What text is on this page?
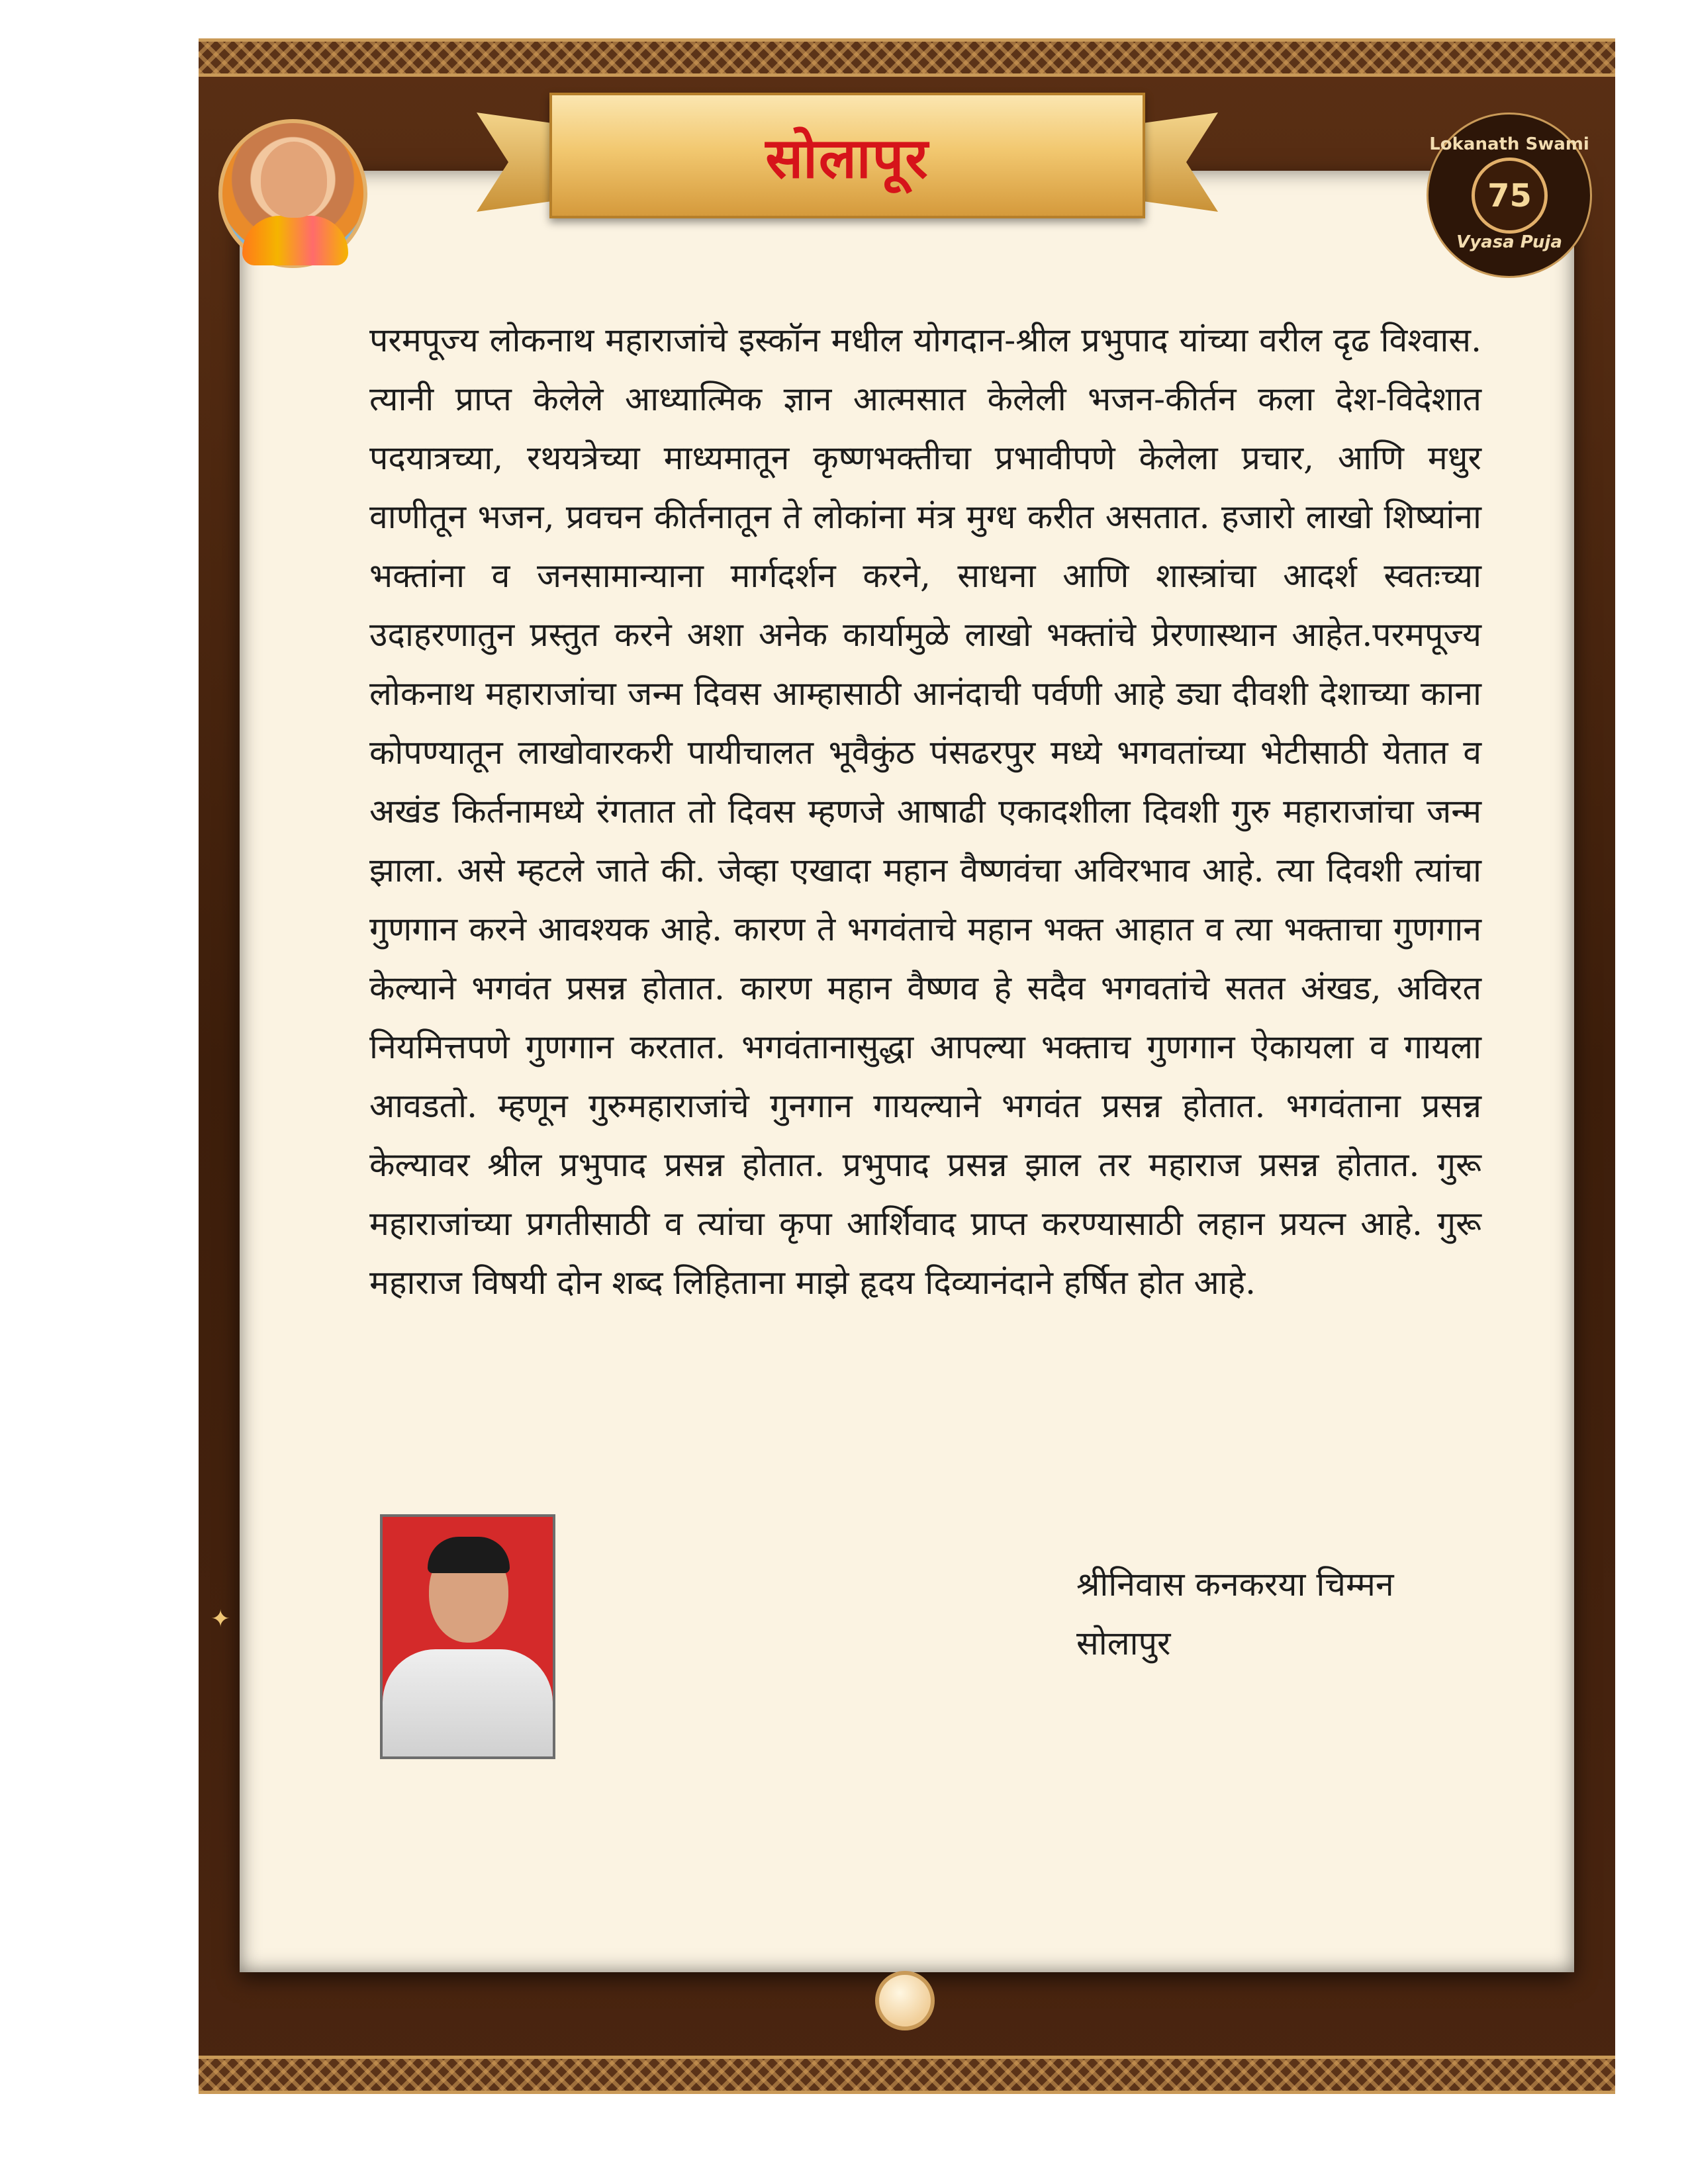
सोलापूर	Lokanath Swami
75
Vyasa Puja
परमपूज्य लोकनाथ महाराजांचे इस्कॉन मधील योगदान-श्रील प्रभुपाद यांच्या वरील दृढ विश्वास. त्यानी प्राप्त केलेले आध्यात्मिक ज्ञान आत्मसात केलेली भजन-कीर्तन कला देश-विदेशात पदयात्रच्या, रथयत्रेच्या माध्यमातून कृष्णभक्तीचा प्रभावीपणे केलेला प्रचार, आणि मधुर वाणीतून भजन, प्रवचन कीर्तनातून ते लोकांना मंत्र मुग्ध करीत असतात. हजारो लाखो शिष्यांना भक्तांना व जनसामान्याना मार्गदर्शन करने, साधना आणि शास्त्रांचा आदर्श स्वतःच्या उदाहरणातुन प्रस्तुत करने अशा अनेक कार्यामुळे लाखो भक्तांचे प्रेरणास्थान आहेत.परमपूज्य लोकनाथ महाराजांचा जन्म दिवस आम्हासाठी आनंदाची पर्वणी आहे ड्या दीवशी देशाच्या काना कोपण्यातून लाखोवारकरी पायीचालत भूवैकुंठ पंसढरपुर मध्ये भगवतांच्या भेटीसाठी येतात व अखंड किर्तनामध्ये रंगतात तो दिवस म्हणजे आषाढी एकादशीला दिवशी गुरु महाराजांचा जन्म झाला. असे म्हटले जाते की. जेव्हा एखादा महान वैष्णवंचा अविरभाव आहे. त्या दिवशी त्यांचा गुणगान करने आवश्यक आहे. कारण ते भगवंताचे महान भक्त आहात व त्या भक्ताचा गुणगान केल्याने भगवंत प्रसन्न होतात. कारण महान वैष्णव हे सदैव भगवतांचे सतत अंखड, अविरत नियमित्तपणे गुणगान करतात. भगवंतानासुद्धा आपल्या भक्ताच गुणगान ऐकायला व गायला आवडतो. म्हणून गुरुमहाराजांचे गुनगान गायल्याने भगवंत प्रसन्न होतात. भगवंताना प्रसन्न केल्यावर श्रील प्रभुपाद प्रसन्न होतात. प्रभुपाद प्रसन्न झाल तर महाराज प्रसन्न होतात. गुरू महाराजांच्या प्रगतीसाठी व त्यांचा कृपा आर्शिवाद प्राप्त करण्यासाठी लहान प्रयत्न आहे. गुरू महाराज विषयी दोन शब्द लिहिताना माझे हृदय दिव्यानंदाने हर्षित होत आहे.
श्रीनिवास कनकरया चिम्मन
सोलापुर
✦
